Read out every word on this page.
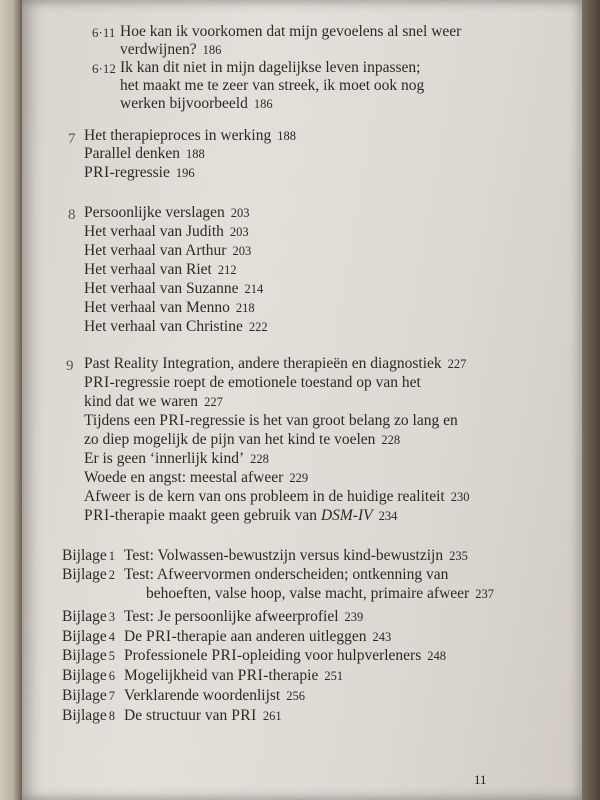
6·11 Hoe kan ik voorkomen dat mijn gevoelens al snel weer
verdwijnen? 186
6·12 Ik kan dit niet in mijn dagelijkse leven inpassen;
het maakt me te zeer van streek, ik moet ook nog
werken bijvoorbeeld 186
7 Het therapieproces in werking 188
Parallel denken 188
PRI-regressie 196
8 Persoonlijke verslagen 203
Het verhaal van Judith 203
Het verhaal van Arthur 203
Het verhaal van Riet 212
Het verhaal van Suzanne 214
Het verhaal van Menno 218
Het verhaal van Christine 222
9 Past Reality Integration, andere therapieën en diagnostiek 227
PRI-regressie roept de emotionele toestand op van het
kind dat we waren 227
Tijdens een PRI-regressie is het van groot belang zo lang en
zo diep mogelijk de pijn van het kind te voelen 228
Er is geen ‘innerlijk kind’ 228
Woede en angst: meestal afweer 229
Afweer is de kern van ons probleem in de huidige realiteit 230
PRI-therapie maakt geen gebruik van DSM-IV 234
Bijlage 1 Test: Volwassen-bewustzijn versus kind-bewustzijn 235
Bijlage 2 Test: Afweervormen onderscheiden; ontkenning van
behoeften, valse hoop, valse macht, primaire afweer 237
Bijlage 3 Test: Je persoonlijke afweerprofiel 239
Bijlage 4 De PRI-therapie aan anderen uitleggen 243
Bijlage 5 Professionele PRI-opleiding voor hulpverleners 248
Bijlage 6 Mogelijkheid van PRI-therapie 251
Bijlage 7 Verklarende woordenlijst 256
Bijlage 8 De structuur van PRI 261
11
